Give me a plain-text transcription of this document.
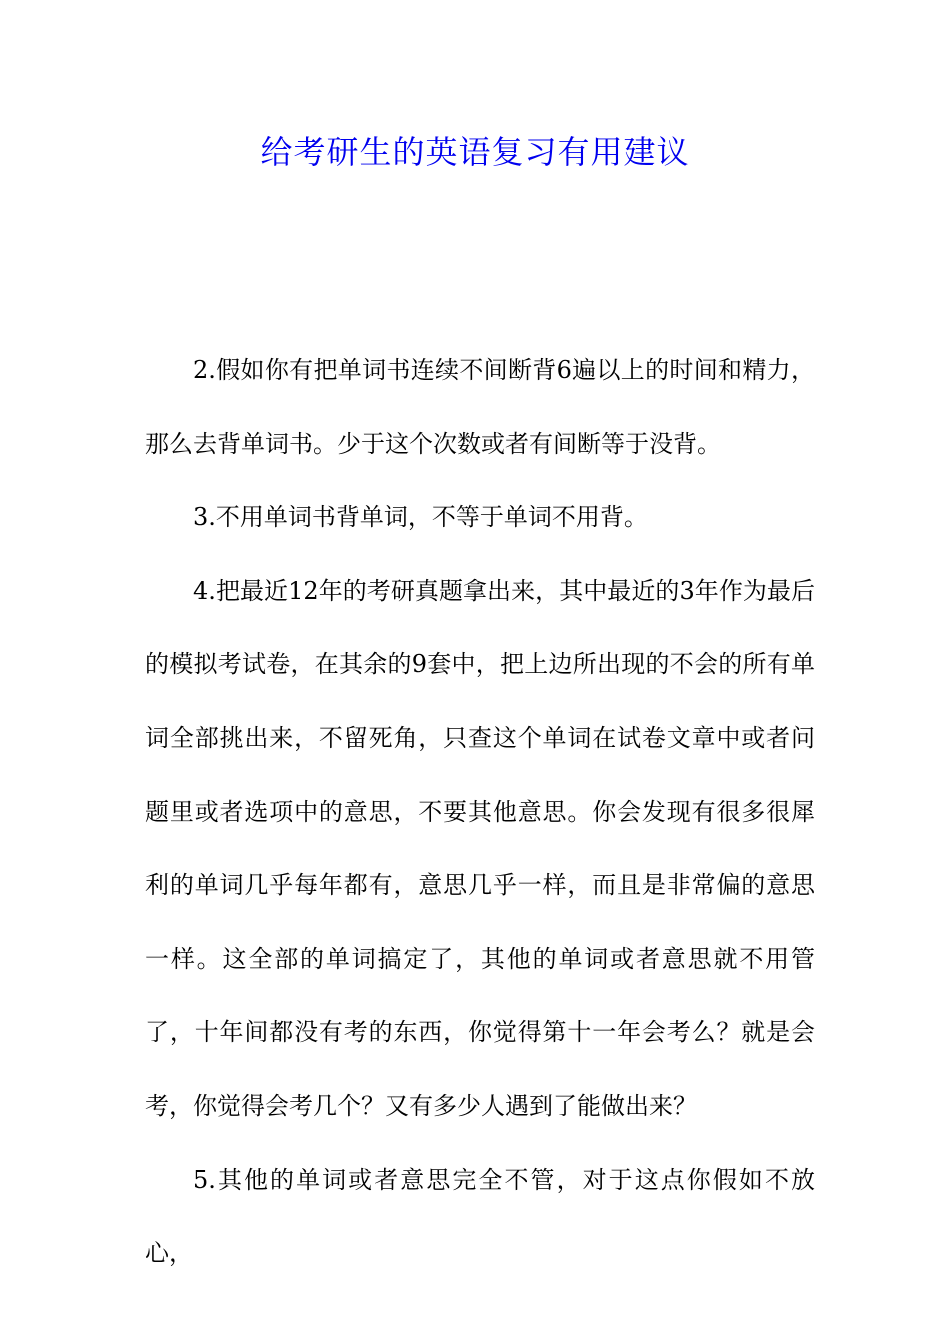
给考研生的英语复习有用建议

2.假如你有把单词书连续不间断背6遍以上的时间和精力，那么去背单词书。少于这个次数或者有间断等于没背。

3.不用单词书背单词，不等于单词不用背。

4.把最近12年的考研真题拿出来，其中最近的3年作为最后的模拟考试卷，在其余的9套中，把上边所出现的不会的所有单词全部挑出来，不留死角，只查这个单词在试卷文章中或者问题里或者选项中的意思，不要其他意思。你会发现有很多很犀利的单词几乎每年都有，意思几乎一样，而且是非常偏的意思一样。这全部的单词搞定了，其他的单词或者意思就不用管了，十年间都没有考的东西，你觉得第十一年会考么？就是会考，你觉得会考几个？又有多少人遇到了能做出来？

5.其他的单词或者意思完全不管，对于这点你假如不放心，
